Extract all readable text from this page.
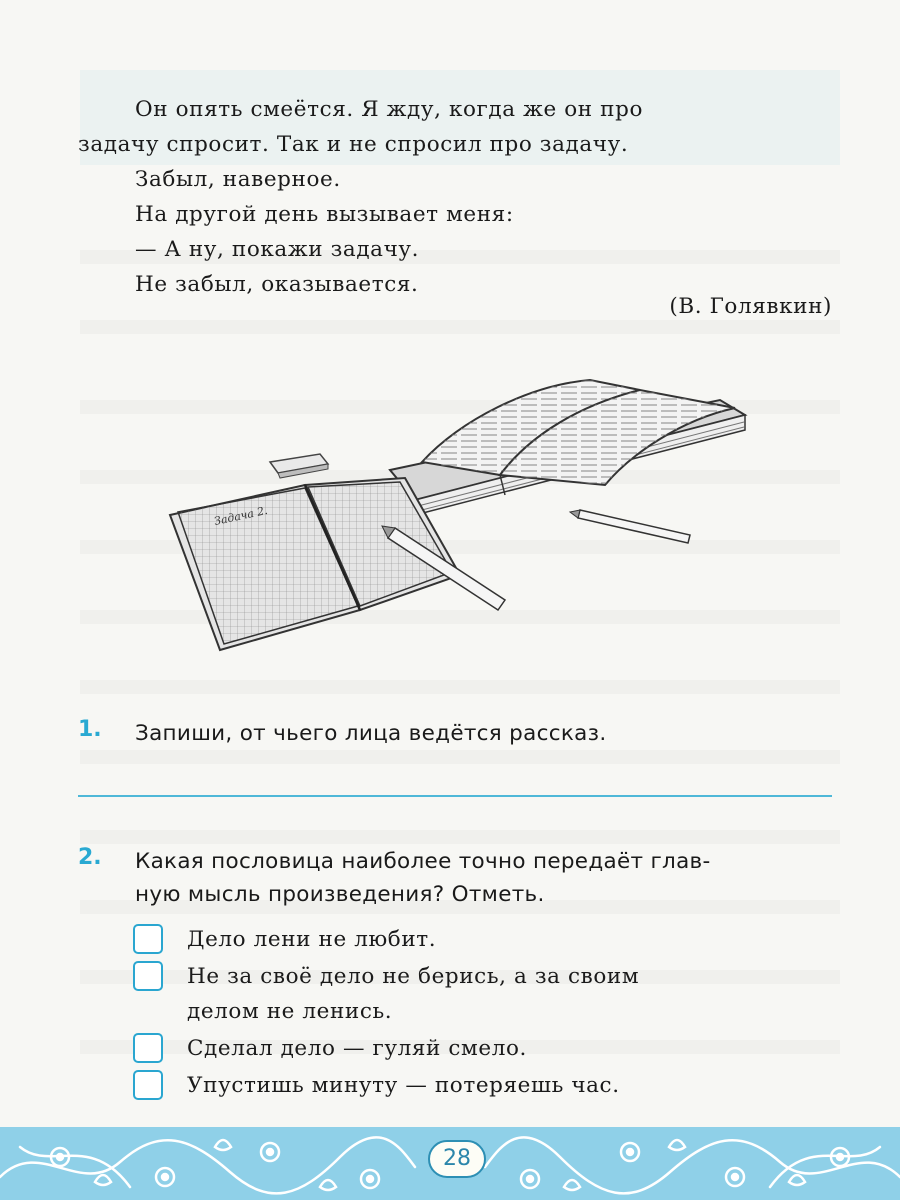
Он опять смеётся. Я жду, когда же он про

задачу спросит. Так и не спросил про задачу.

Забыл, наверное.

На другой день вызывает меня:

— А ну, покажи задачу.

Не забыл, оказывается.

(В. Голявкин)
Задача 2.
1. Запиши, от чьего лица ведётся рассказ.
2. Какая пословица наиболее точно передаёт глав-
ную мысль произведения? Отметь.
Дело лени не любит.
Не за своё дело не берись, а за своим
делом не ленись.
Сделал дело — гуляй смело.
Упустишь минуту — потеряешь час.
28
